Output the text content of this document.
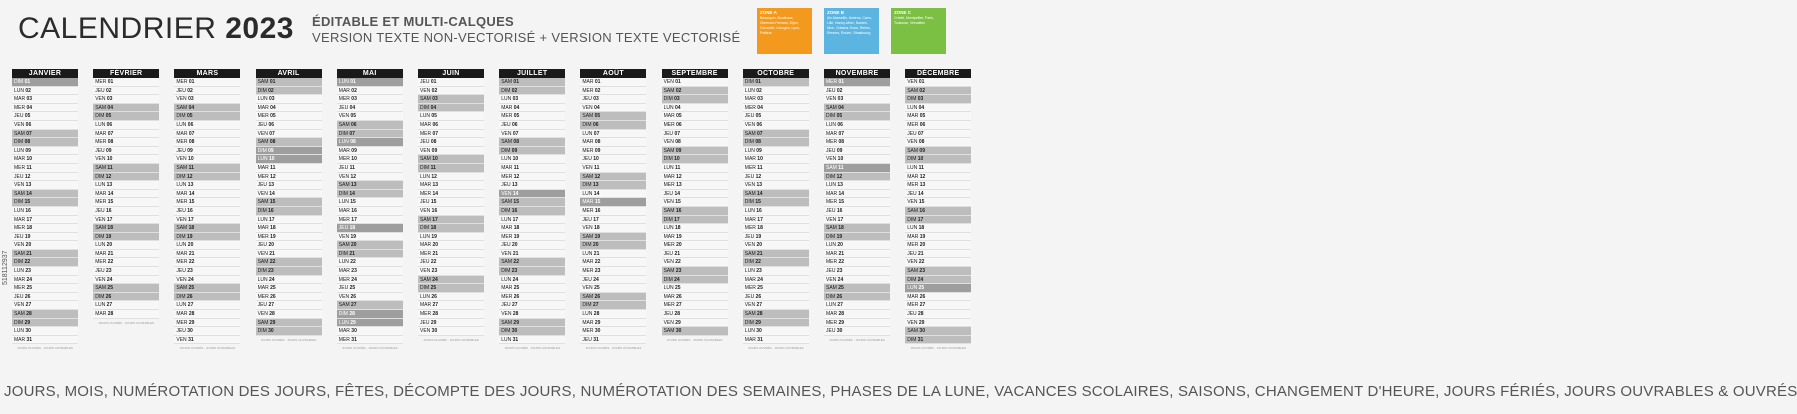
CALENDRIER 2023 ÉDITABLE ET MULTI-CALQUES
VERSION TEXTE NON-VECTORISÉ + VERSION TEXTE VECTORISÉ
ZONE A
Besançon, Bordeaux, Clermont-Ferrand, Dijon, Grenoble, Limoges, Lyon, Poitiers
ZONE B
Aix-Marseille, Amiens, Caen, Lille, Nancy-Metz, Nantes, Nice, Orléans-Tours, Reims, Rennes, Rouen, Strasbourg
ZONE C
Créteil, Montpellier, Paris, Toulouse, Versailles
JANVIER
DIM 01
LUN 02
MAR 03
MER 04
JEU 05
VEN 06
SAM 07
DIM 08
LUN 09
MAR 10
MER 11
JEU 12
VEN 13
SAM 14
DIM 15
LUN 16
MAR 17
MER 18
JEU 19
VEN 20
SAM 21
DIM 22
LUN 23
MAR 24
MER 25
JEU 26
VEN 27
SAM 28
DIM 29
LUN 30
MAR 31
JOURS OUVRÉS · JOURS OUVRABLES
FÉVRIER
MER 01
JEU 02
VEN 03
SAM 04
DIM 05
LUN 06
MAR 07
MER 08
JEU 09
VEN 10
SAM 11
DIM 12
LUN 13
MAR 14
MER 15
JEU 16
VEN 17
SAM 18
DIM 19
LUN 20
MAR 21
MER 22
JEU 23
VEN 24
SAM 25
DIM 26
LUN 27
MAR 28
JOURS OUVRÉS · JOURS OUVRABLES
MARS
MER 01
JEU 02
VEN 03
SAM 04
DIM 05
LUN 06
MAR 07
MER 08
JEU 09
VEN 10
SAM 11
DIM 12
LUN 13
MAR 14
MER 15
JEU 16
VEN 17
SAM 18
DIM 19
LUN 20
MAR 21
MER 22
JEU 23
VEN 24
SAM 25
DIM 26
LUN 27
MAR 28
MER 29
JEU 30
VEN 31
JOURS OUVRÉS · JOURS OUVRABLES
AVRIL
SAM 01
DIM 02
LUN 03
MAR 04
MER 05
JEU 06
VEN 07
SAM 08
DIM 09
LUN 10
MAR 11
MER 12
JEU 13
VEN 14
SAM 15
DIM 16
LUN 17
MAR 18
MER 19
JEU 20
VEN 21
SAM 22
DIM 23
LUN 24
MAR 25
MER 26
JEU 27
VEN 28
SAM 29
DIM 30
JOURS OUVRÉS · JOURS OUVRABLES
MAI
LUN 01
MAR 02
MER 03
JEU 04
VEN 05
SAM 06
DIM 07
LUN 08
MAR 09
MER 10
JEU 11
VEN 12
SAM 13
DIM 14
LUN 15
MAR 16
MER 17
JEU 18
VEN 19
SAM 20
DIM 21
LUN 22
MAR 23
MER 24
JEU 25
VEN 26
SAM 27
DIM 28
LUN 29
MAR 30
MER 31
JOURS OUVRÉS · JOURS OUVRABLES
JUIN
JEU 01
VEN 02
SAM 03
DIM 04
LUN 05
MAR 06
MER 07
JEU 08
VEN 09
SAM 10
DIM 11
LUN 12
MAR 13
MER 14
JEU 15
VEN 16
SAM 17
DIM 18
LUN 19
MAR 20
MER 21
JEU 22
VEN 23
SAM 24
DIM 25
LUN 26
MAR 27
MER 28
JEU 29
VEN 30
JOURS OUVRÉS · JOURS OUVRABLES
JUILLET
SAM 01
DIM 02
LUN 03
MAR 04
MER 05
JEU 06
VEN 07
SAM 08
DIM 09
LUN 10
MAR 11
MER 12
JEU 13
VEN 14
SAM 15
DIM 16
LUN 17
MAR 18
MER 19
JEU 20
VEN 21
SAM 22
DIM 23
LUN 24
MAR 25
MER 26
JEU 27
VEN 28
SAM 29
DIM 30
LUN 31
JOURS OUVRÉS · JOURS OUVRABLES
AOÛT
MAR 01
MER 02
JEU 03
VEN 04
SAM 05
DIM 06
LUN 07
MAR 08
MER 09
JEU 10
VEN 11
SAM 12
DIM 13
LUN 14
MAR 15
MER 16
JEU 17
VEN 18
SAM 19
DIM 20
LUN 21
MAR 22
MER 23
JEU 24
VEN 25
SAM 26
DIM 27
LUN 28
MAR 29
MER 30
JEU 31
JOURS OUVRÉS · JOURS OUVRABLES
SEPTEMBRE
VEN 01
SAM 02
DIM 03
LUN 04
MAR 05
MER 06
JEU 07
VEN 08
SAM 09
DIM 10
LUN 11
MAR 12
MER 13
JEU 14
VEN 15
SAM 16
DIM 17
LUN 18
MAR 19
MER 20
JEU 21
VEN 22
SAM 23
DIM 24
LUN 25
MAR 26
MER 27
JEU 28
VEN 29
SAM 30
JOURS OUVRÉS · JOURS OUVRABLES
OCTOBRE
DIM 01
LUN 02
MAR 03
MER 04
JEU 05
VEN 06
SAM 07
DIM 08
LUN 09
MAR 10
MER 11
JEU 12
VEN 13
SAM 14
DIM 15
LUN 16
MAR 17
MER 18
JEU 19
VEN 20
SAM 21
DIM 22
LUN 23
MAR 24
MER 25
JEU 26
VEN 27
SAM 28
DIM 29
LUN 30
MAR 31
JOURS OUVRÉS · JOURS OUVRABLES
NOVEMBRE
MER 01
JEU 02
VEN 03
SAM 04
DIM 05
LUN 06
MAR 07
MER 08
JEU 09
VEN 10
SAM 11
DIM 12
LUN 13
MAR 14
MER 15
JEU 16
VEN 17
SAM 18
DIM 19
LUN 20
MAR 21
MER 22
JEU 23
VEN 24
SAM 25
DIM 26
LUN 27
MAR 28
MER 29
JEU 30
JOURS OUVRÉS · JOURS OUVRABLES
DÉCEMBRE
VEN 01
SAM 02
DIM 03
LUN 04
MAR 05
MER 06
JEU 07
VEN 08
SAM 09
DIM 10
LUN 11
MAR 12
MER 13
JEU 14
VEN 15
SAM 16
DIM 17
LUN 18
MAR 19
MER 20
JEU 21
VEN 22
SAM 23
DIM 24
LUN 25
MAR 26
MER 27
JEU 28
VEN 29
SAM 30
DIM 31
JOURS OUVRÉS · JOURS OUVRABLES
518112937
JOURS, MOIS, NUMÉROTATION DES JOURS, FÊTES, DÉCOMPTE DES JOURS, NUMÉROTATION DES SEMAINES, PHASES DE LA LUNE, VACANCES SCOLAIRES, SAISONS, CHANGEMENT D'HEURE, JOURS FÉRIÉS, JOURS OUVRABLES & OUVRÉS
